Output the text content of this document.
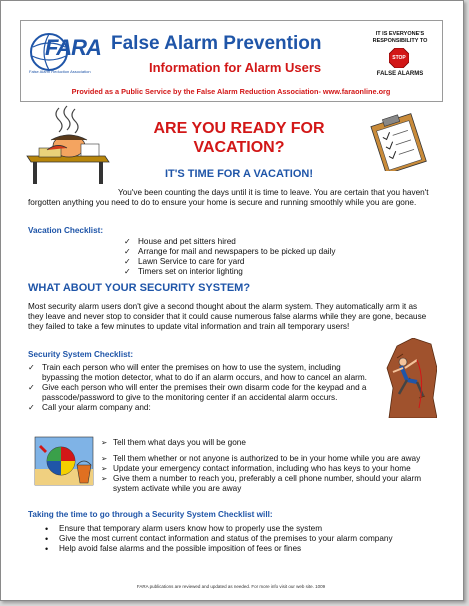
FARA
False Alarm Reduction Association
False Alarm Prevention
Information for Alarm Users
IT IS EVERYONE'S RESPONSIBILITY TO
STOP
FALSE ALARMS
Provided as a Public Service by the False Alarm Reduction Association- www.faraonline.org
ARE YOU READY FOR
VACATION?
IT'S TIME FOR A VACATION!
You've been counting the days until it is time to leave. You are certain that you haven't forgotten anything you need to do to ensure your home is secure and running smoothly while you are gone.
Vacation Checklist:
✓ House and pet sitters hired
✓ Arrange for mail and newspapers to be picked up daily
✓ Lawn Service to care for yard
✓ Timers set on interior lighting
WHAT ABOUT YOUR SECURITY SYSTEM?
Most security alarm users don't give a second thought about the alarm system. They automatically arm it as they leave and never stop to consider that it could cause numerous false alarms while they are gone, because they failed to take a few minutes to update vital information and train all temporary users!
Security System Checklist:
✓ Train each person who will enter the premises on how to use the system, including bypassing the motion detector, what to do if an alarm occurs, and how to cancel an alarm.
✓ Give each person who will enter the premises their own disarm code for the keypad and a passcode/password to give to the monitoring center if an accidental alarm occurs.
✓ Call your alarm company and:
➢ Tell them what days you will be gone
➢ Tell them whether or not anyone is authorized to be in your home while you are away
➢ Update your emergency contact information, including who has keys to your home
➢ Give them a number to reach you, preferably a cell phone number, should your alarm system activate while you are away
Taking the time to go through a Security System Checklist will:
• Ensure that temporary alarm users know how to properly use the system
• Give the most current contact information and status of the premises to your alarm company
• Help avoid false alarms and the possible imposition of fees or fines
FARA publications are reviewed and updated as needed. For more info visit our web site. 1009
